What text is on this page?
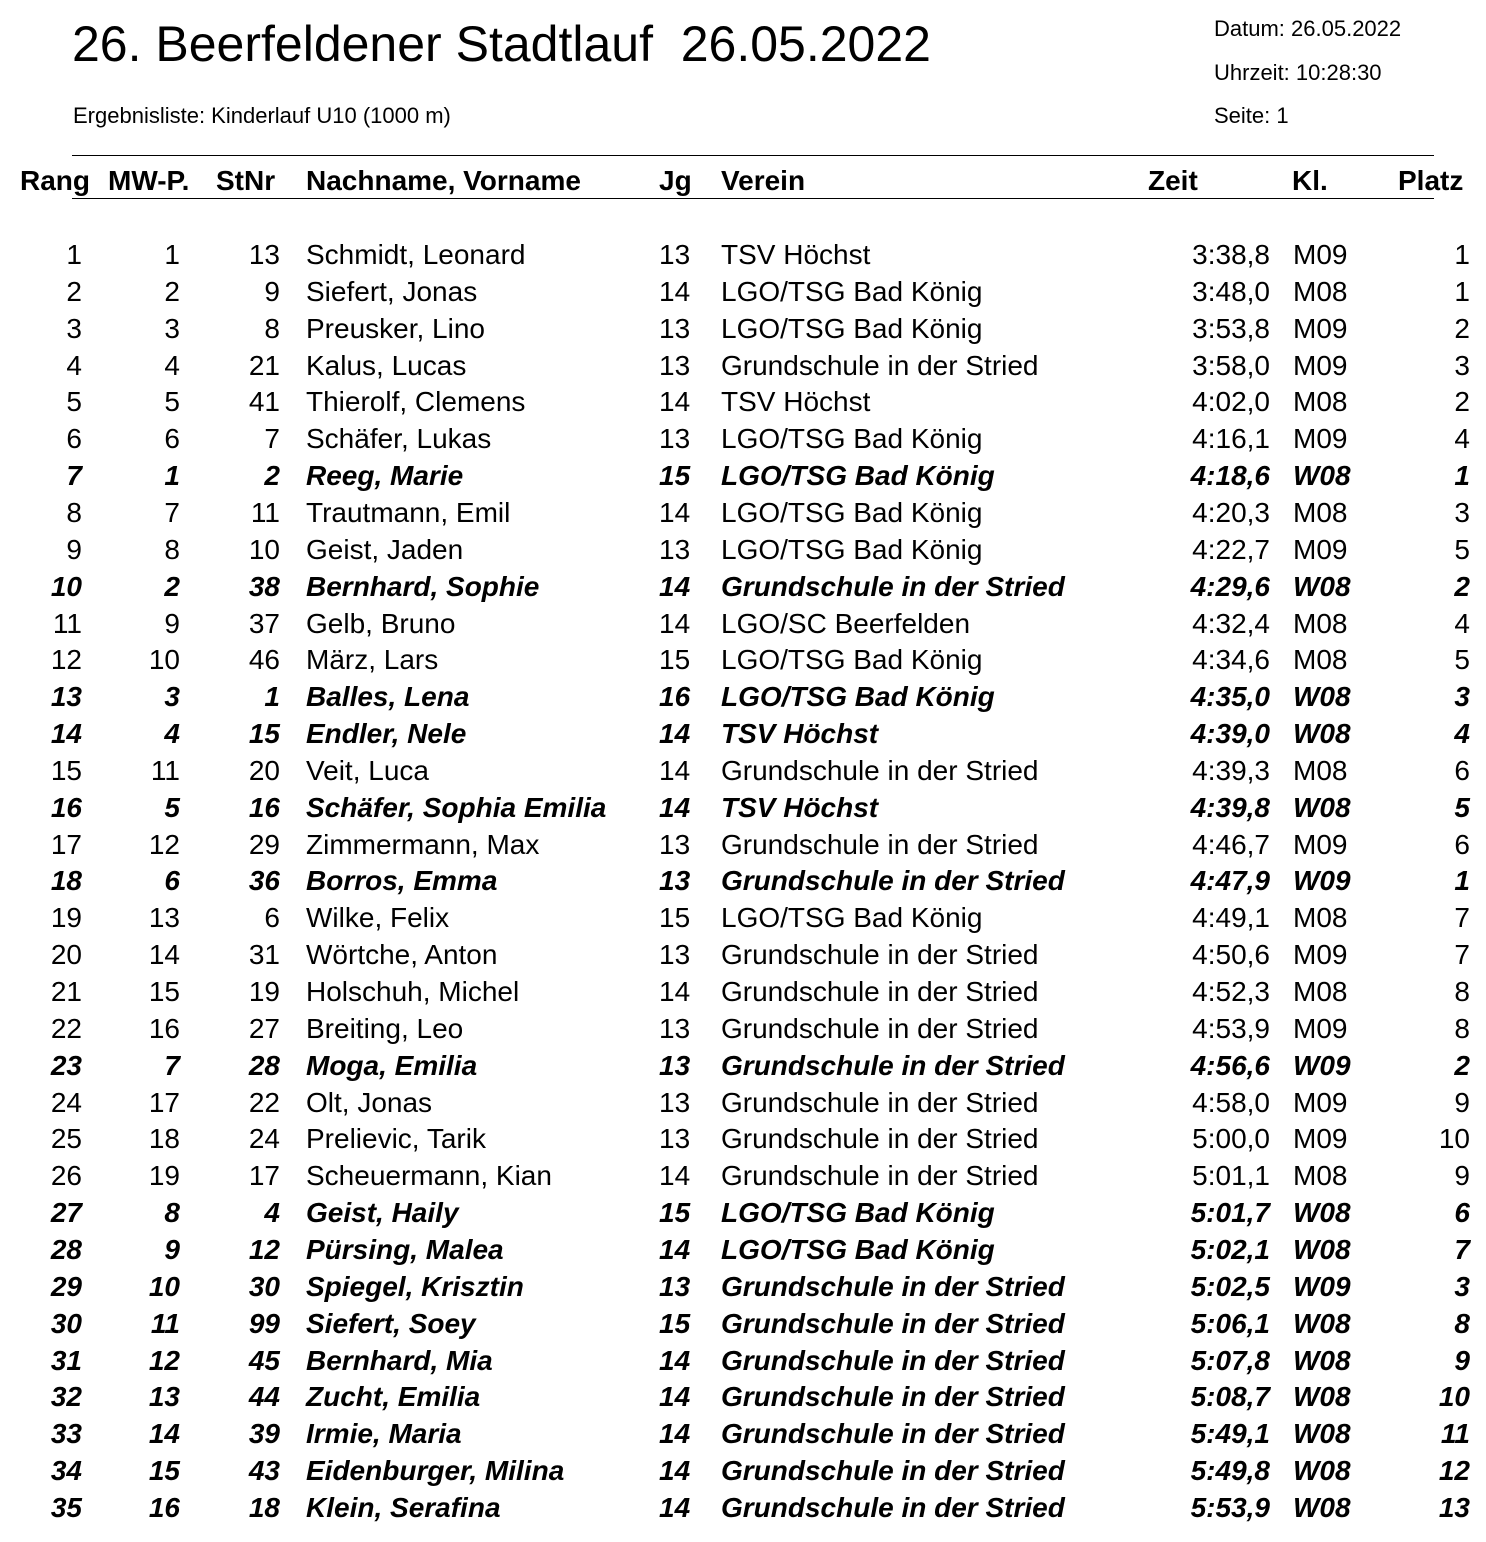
26. Beerfeldener Stadtlauf  26.05.2022
Ergebnisliste: Kinderlauf U10 (1000 m)
Datum: 26.05.2022
Uhrzeit: 10:28:30
Seite: 1
Rang MW-P. StNr Nachname, Vorname	Jg Verein	Zeit	Kl.	Platz
1	1	13 Schmidt, Leonard	13 TSV Höchst	3:38,8 M09	1
2	2	9 Siefert, Jonas	14 LGO/TSG Bad König	3:48,0 M08	1
3	3	8 Preusker, Lino	13 LGO/TSG Bad König	3:53,8 M09	2
4	4	21 Kalus, Lucas	13 Grundschule in der Stried	3:58,0 M09	3
5	5	41 Thierolf, Clemens	14 TSV Höchst	4:02,0 M08	2
6	6	7 Schäfer, Lukas	13 LGO/TSG Bad König	4:16,1 M09	4
7	1	2 Reeg, Marie	15 LGO/TSG Bad König	4:18,6 W08	1
8	7	11 Trautmann, Emil	14 LGO/TSG Bad König	4:20,3 M08	3
9	8	10 Geist, Jaden	13 LGO/TSG Bad König	4:22,7 M09	5
10	2	38 Bernhard, Sophie	14 Grundschule in der Stried	4:29,6 W08	2
11	9	37 Gelb, Bruno	14 LGO/SC Beerfelden	4:32,4 M08	4
12	10	46 März, Lars	15 LGO/TSG Bad König	4:34,6 M08	5
13	3	1 Balles, Lena	16 LGO/TSG Bad König	4:35,0 W08	3
14	4	15 Endler, Nele	14 TSV Höchst	4:39,0 W08	4
15	11	20 Veit, Luca	14 Grundschule in der Stried	4:39,3 M08	6
16	5	16 Schäfer, Sophia Emilia 14 TSV Höchst	4:39,8 W08	5
17	12	29 Zimmermann, Max	13 Grundschule in der Stried	4:46,7 M09	6
18	6	36 Borros, Emma	13 Grundschule in der Stried	4:47,9 W09	1
19	13	6 Wilke, Felix	15 LGO/TSG Bad König	4:49,1 M08	7
20	14	31 Wörtche, Anton	13 Grundschule in der Stried	4:50,6 M09	7
21	15	19 Holschuh, Michel	14 Grundschule in der Stried	4:52,3 M08	8
22	16	27 Breiting, Leo	13 Grundschule in der Stried	4:53,9 M09	8
23	7	28 Moga, Emilia	13 Grundschule in der Stried	4:56,6 W09	2
24	17	22 Olt, Jonas	13 Grundschule in der Stried	4:58,0 M09	9
25	18	24 Prelievic, Tarik	13 Grundschule in der Stried	5:00,0 M09	10
26	19	17 Scheuermann, Kian	14 Grundschule in der Stried	5:01,1 M08	9
27	8	4 Geist, Haily	15 LGO/TSG Bad König	5:01,7 W08	6
28	9	12 Pürsing, Malea	14 LGO/TSG Bad König	5:02,1 W08	7
29	10	30 Spiegel, Krisztin	13 Grundschule in der Stried	5:02,5 W09	3
30	11	99 Siefert, Soey	15 Grundschule in der Stried	5:06,1 W08	8
31	12	45 Bernhard, Mia	14 Grundschule in der Stried	5:07,8 W08	9
32	13	44 Zucht, Emilia	14 Grundschule in der Stried	5:08,7 W08	10
33	14	39 Irmie, Maria	14 Grundschule in der Stried	5:49,1 W08	11
34	15	43 Eidenburger, Milina	14 Grundschule in der Stried	5:49,8 W08	12
35	16	18 Klein, Serafina	14 Grundschule in der Stried	5:53,9 W08	13
